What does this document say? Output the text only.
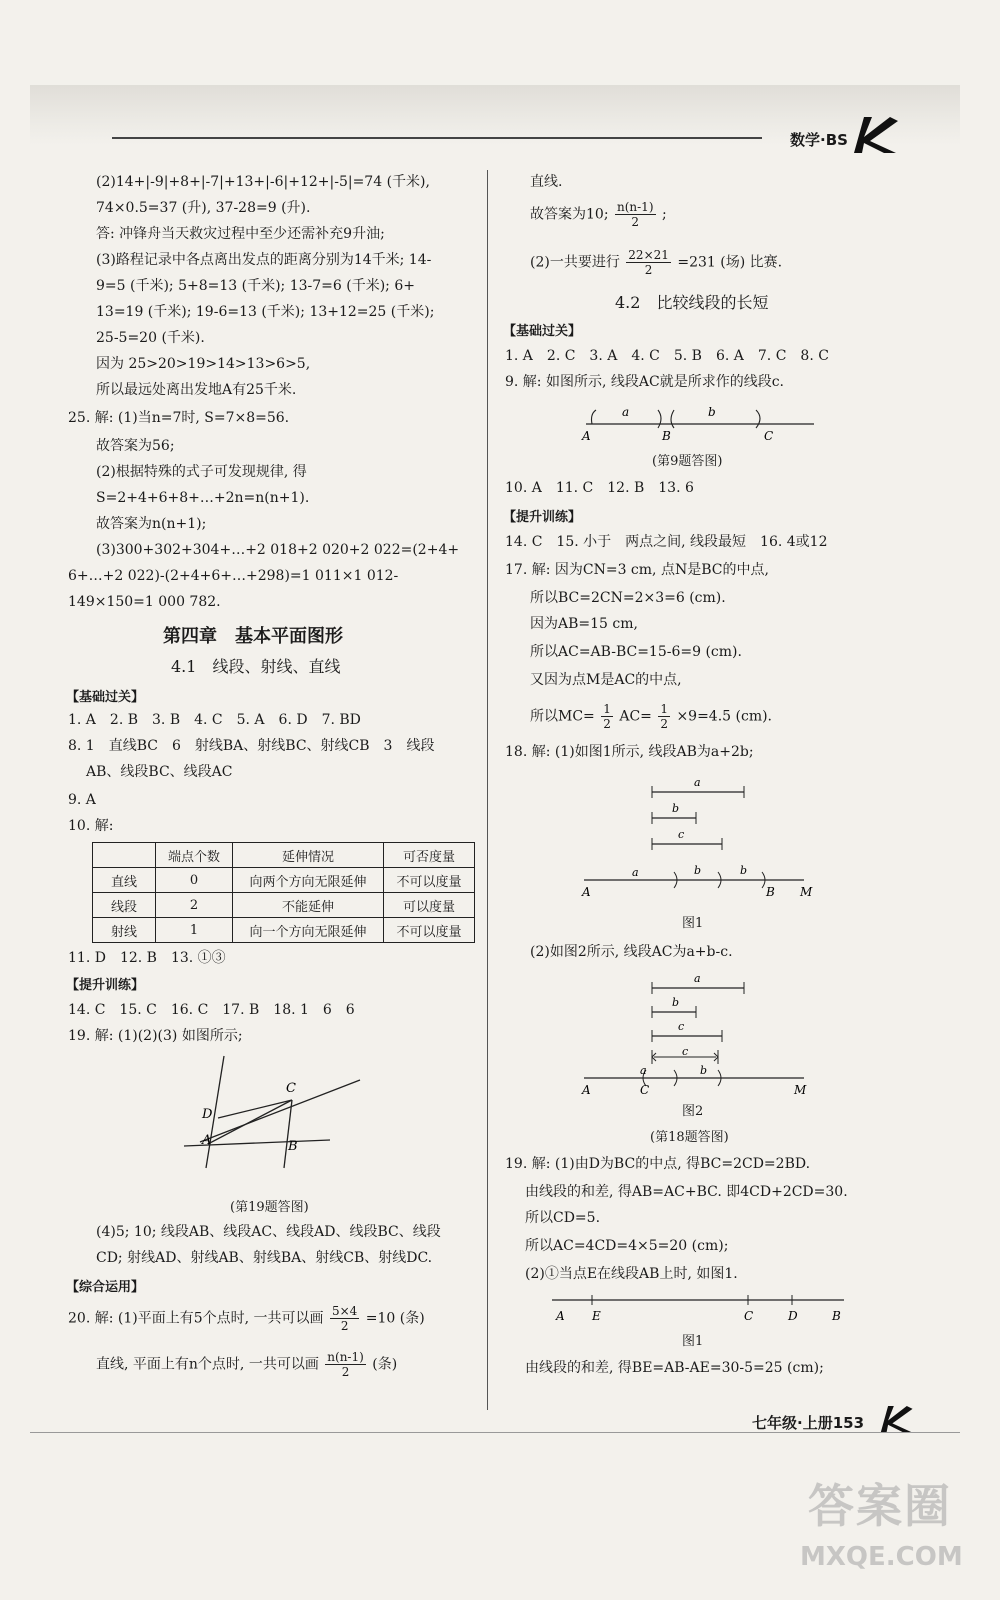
数学·BS
(2)14+|-9|+8+|-7|+13+|-6|+12+|-5|=74 (千米),
74×0.5=37 (升), 37-28=9 (升).
答: 冲锋舟当天救灾过程中至少还需补充9升油;
(3)路程记录中各点离出发点的距离分别为14千米; 14-
9=5 (千米); 5+8=13 (千米); 13-7=6 (千米); 6+
13=19 (千米); 19-6=13 (千米); 13+12=25 (千米);
25-5=20 (千米).
因为 25>20>19>14>13>6>5,
所以最远处离出发地A有25千米.
25. 解: (1)当n=7时, S=7×8=56.
故答案为56;
(2)根据特殊的式子可发现规律, 得
S=2+4+6+8+…+2n=n(n+1).
故答案为n(n+1);
(3)300+302+304+…+2 018+2 020+2 022=(2+4+
6+…+2 022)-(2+4+6+…+298)=1 011×1 012-
149×150=1 000 782.
第四章　基本平面图形
4.1　线段、射线、直线
【基础过关】
1. A　2. B　3. B　4. C　5. A　6. D　7. BD
8. 1　直线BC　6　射线BA、射线BC、射线CB　3　线段
AB、线段BC、线段AC
9. A
10. 解:
	端点个数	延伸情况	可否度量
直线	0	向两个方向无限延伸	不可以度量
线段	2	不能延伸	可以度量
射线	1	向一个方向无限延伸	不可以度量
11. D　12. B　13. ①③
【提升训练】
14. C　15. C　16. C　17. B　18. 1　6　6
19. 解: (1)(2)(3) 如图所示;
C
D
A	B
(第19题答图)
(4)5; 10; 线段AB、线段AC、线段AD、线段BC、线段
CD; 射线AD、射线AB、射线BA、射线CB、射线DC.
【综合运用】
20. 解: (1)平面上有5个点时, 一共可以画 $\frac{5\times 4}{2} =10$ (条)
直线, 平面上有n个点时, 一共可以画 $\frac{n(n-1)}{2}$ (条)
直线.
故答案为10; $\frac{n(n-1)}{2}$ ;
(2)一共要进行 $\frac{22\times 21}{2} =231$ (场) 比赛.
4.2　比较线段的长短
【基础过关】
1. A　2. C　3. A　4. C　5. B　6. A　7. C　8. C
9. 解: 如图所示, 线段AC就是所求作的线段c.
a	b
A	B	C
(第9题答图)
10. A　11. C　12. B　13. 6
【提升训练】
14. C　15. 小于　两点之间, 线段最短　16. 4或12
17. 解: 因为CN=3 cm, 点N是BC的中点,
所以BC=2CN=2×3=6 (cm).
因为AB=15 cm,
所以AC=AB-BC=15-6=9 (cm).
又因为点M是AC的中点,
所以$MC= \frac{1}{2} AC= \frac{1}{2} \times 9=4.5$ (cm).
18. 解: (1)如图1所示, 线段AB为a+2b;
a
b
c
A
a	b	b
B M
图1
(2)如图2所示, 线段AC为a+b-c.
a
b
c
c
a	b
A	C	M
图2
(第18题答图)
19. 解: (1)由D为BC的中点, 得BC=2CD=2BD.
由线段的和差, 得AB=AC+BC. 即4CD+2CD=30.
所以CD=5.
所以AC=4CD=4×5=20 (cm);
(2)①当点E在线段AB上时, 如图1.
A E	C	D	B
图1
由线段的和差, 得BE=AB-AE=30-5=25 (cm);
七年级·上册153
答案圈
MXQE.COM
